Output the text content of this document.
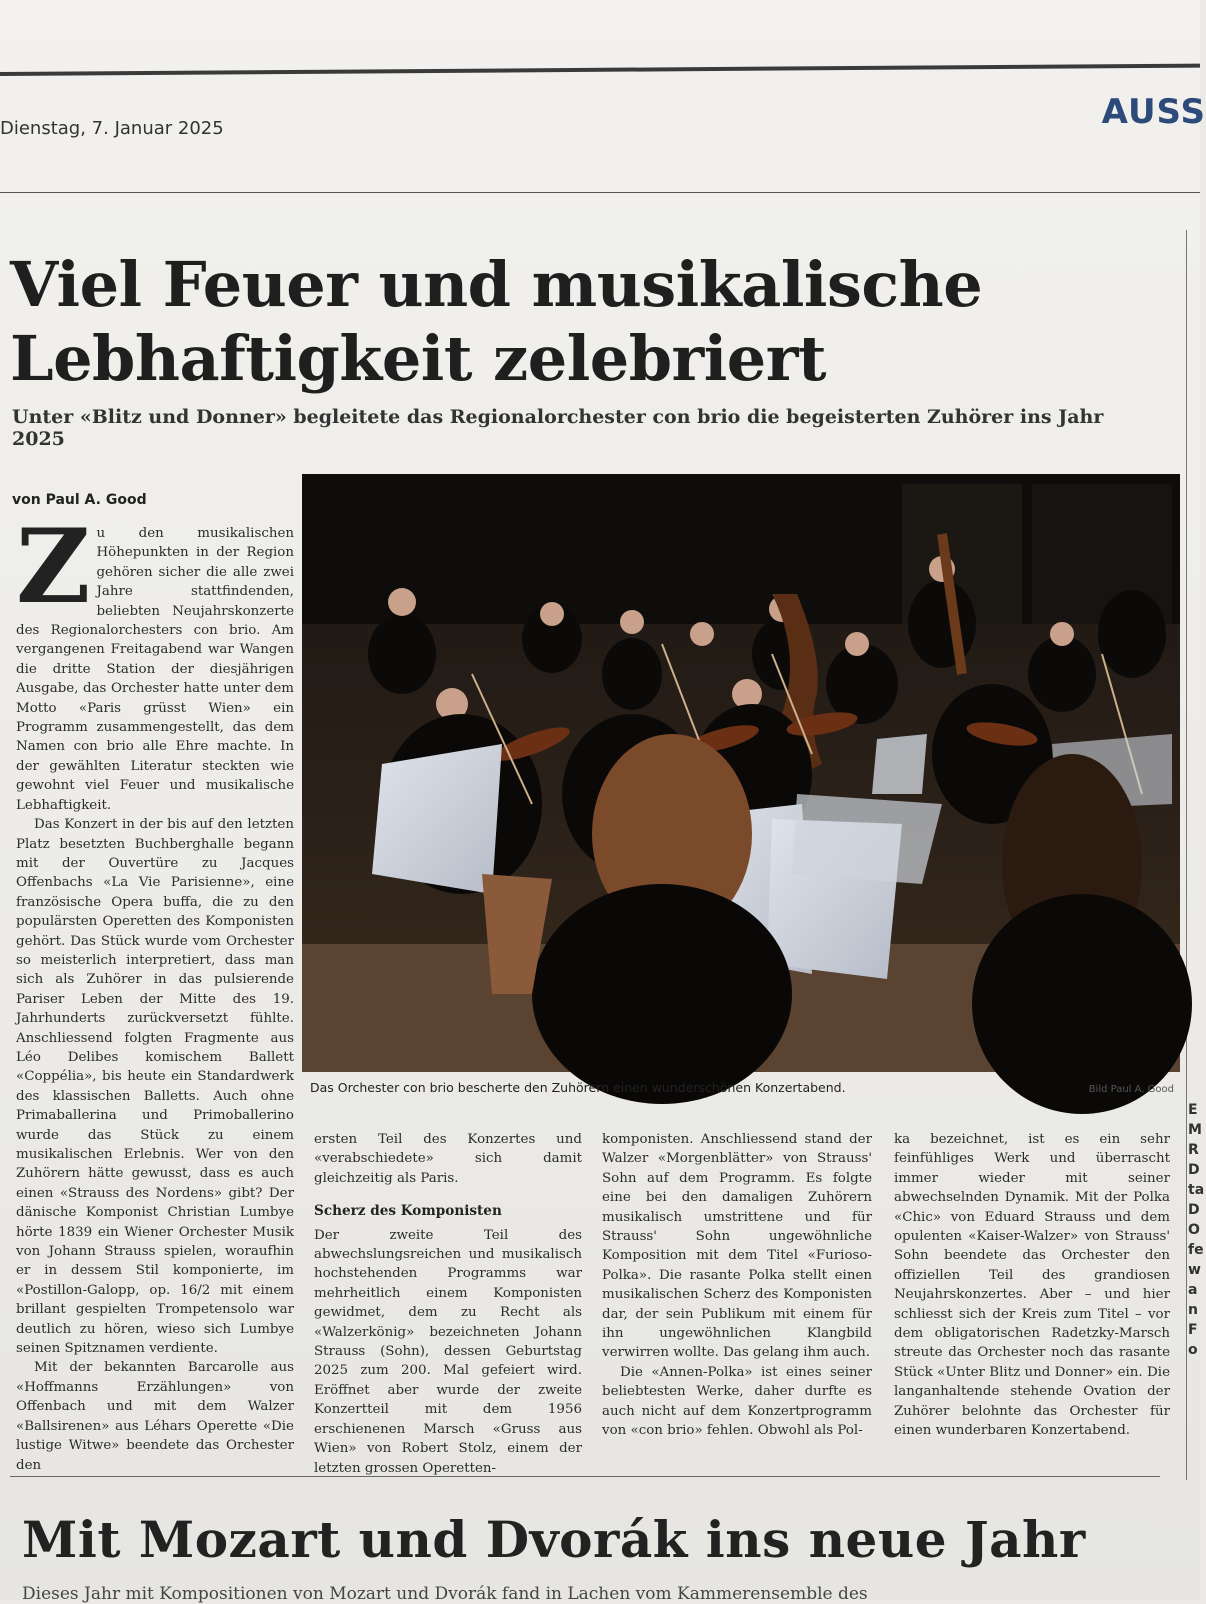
Dienstag, 7. Januar 2025	AUSS
Viel Feuer und musikalische Lebhaftigkeit zelebriert
Unter «Blitz und Donner» begleitete das Regionalorchester con brio die begeisterten Zuhörer ins Jahr 2025
von Paul A. Good
Das Orchester con brio bescherte den Zuhörern einen wunderschönen Konzertabend.	Bild Paul A. Good

Zu den musikalischen Höhepunkten in der Region gehören sicher die alle zwei Jahre stattfindenden, beliebten Neujahrskonzerte des Regionalorchesters con brio. Am vergangenen Freitagabend war Wangen die dritte Station der diesjährigen Ausgabe, das Orchester hatte unter dem Motto «Paris grüsst Wien» ein Programm zusammengestellt, das dem Namen con brio alle Ehre machte. In der gewählten Literatur steckten wie gewohnt viel Feuer und musikalische Lebhaftigkeit.

Das Konzert in der bis auf den letzten Platz besetzten Buchberghalle begann mit der Ouvertüre zu Jacques Offenbachs «La Vie Parisienne», eine französische Opera buffa, die zu den populärsten Operetten des Komponisten gehört. Das Stück wurde vom Orchester so meisterlich interpretiert, dass man sich als Zuhörer in das pulsierende Pariser Leben der Mitte des 19. Jahrhunderts zurückversetzt fühlte. Anschliessend folgten Fragmente aus Léo Delibes komischem Ballett «Coppélia», bis heute ein Standardwerk des klassischen Balletts. Auch ohne Primaballerina und Primoballerino wurde das Stück zu einem musikalischen Erlebnis. Wer von den Zuhörern hätte gewusst, dass es auch einen «Strauss des Nordens» gibt? Der dänische Komponist Christian Lumbye hörte 1839 ein Wiener Orchester Musik von Johann Strauss spielen, woraufhin er in dessem Stil komponierte, im «Postillon-Galopp, op. 16/2 mit einem brillant gespielten Trompetensolo war deutlich zu hören, wieso sich Lumbye seinen Spitznamen verdiente.

Mit der bekannten Barcarolle aus «Hoffmanns Erzählungen» von Offenbach und mit dem Walzer «Ballsirenen» aus Léhars Operette «Die lustige Witwe» beendete das Orchester den

ersten Teil des Konzertes und «verabschiedete» sich damit gleichzeitig als Paris.

Scherz des Komponisten

Der zweite Teil des abwechslungsreichen und musikalisch hochstehenden Programms war mehrheitlich einem Komponisten gewidmet, dem zu Recht als «Walzerkönig» bezeichneten Johann Strauss (Sohn), dessen Geburtstag 2025 zum 200. Mal gefeiert wird. Eröffnet aber wurde der zweite Konzertteil mit dem 1956 erschienenen Marsch «Gruss aus Wien» von Robert Stolz, einem der letzten grossen Operetten-

komponisten. Anschliessend stand der Walzer «Morgenblätter» von Strauss' Sohn auf dem Programm. Es folgte eine bei den damaligen Zuhörern musikalisch umstrittene und für Strauss' Sohn ungewöhnliche Komposition mit dem Titel «Furioso-Polka». Die rasante Polka stellt einen musikalischen Scherz des Komponisten dar, der sein Publikum mit einem für ihn ungewöhnlichen Klangbild verwirren wollte. Das gelang ihm auch.

Die «Annen-Polka» ist eines seiner beliebtesten Werke, daher durfte es auch nicht auf dem Konzertprogramm von «con brio» fehlen. Obwohl als Pol-

ka bezeichnet, ist es ein sehr feinfühliges Werk und überrascht immer wieder mit seiner abwechselnden Dynamik. Mit der Polka «Chic» von Eduard Strauss und dem opulenten «Kaiser-Walzer» von Strauss' Sohn beendete das Orchester den offiziellen Teil des grandiosen Neujahrskonzertes. Aber – und hier schliesst sich der Kreis zum Titel – vor dem obligatorischen Radetzky-Marsch streute das Orchester noch das rasante Stück «Unter Blitz und Donner» ein. Die langanhaltende stehende Ovation der Zuhörer belohnte das Orchester für einen wunderbaren Konzertabend.

E M R D ta D O fe w a n F o
Mit Mozart und Dvorák ins neue Jahr
Dieses Jahr mit Kompositionen von Mozart und Dvorák fand in Lachen vom Kammerensemble des
